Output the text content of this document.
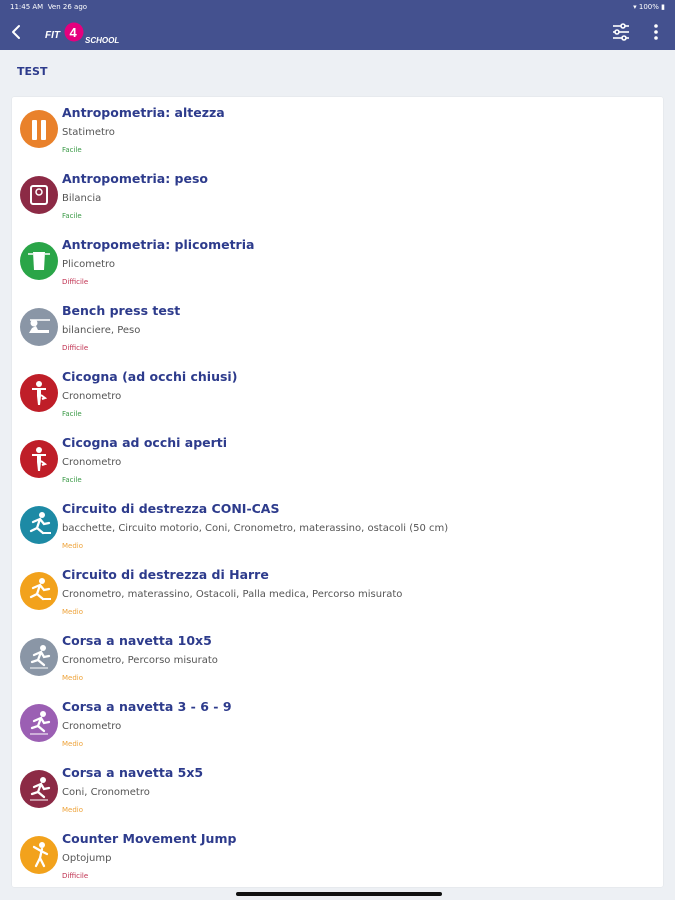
11:45 AM Ven 26 ago	▾ 100% ▮
FIT 4
SCHOOL
TEST
Antropometria: altezza
Statimetro
Facile
Antropometria: peso
Bilancia
Facile
Antropometria: plicometria
Plicometro
Difficile
Bench press test
bilanciere, Peso
Difficile
Cicogna (ad occhi chiusi)
Cronometro
Facile
Cicogna ad occhi aperti
Cronometro
Facile
Circuito di destrezza CONI-CAS
bacchette, Circuito motorio, Coni, Cronometro, materassino, ostacoli (50 cm)
Medio
Circuito di destrezza di Harre
Cronometro, materassino, Ostacoli, Palla medica, Percorso misurato
Medio
Corsa a navetta 10x5
Cronometro, Percorso misurato
Medio
Corsa a navetta 3 - 6 - 9
Cronometro
Medio
Corsa a navetta 5x5
Coni, Cronometro
Medio
Counter Movement Jump
Optojump
Difficile
